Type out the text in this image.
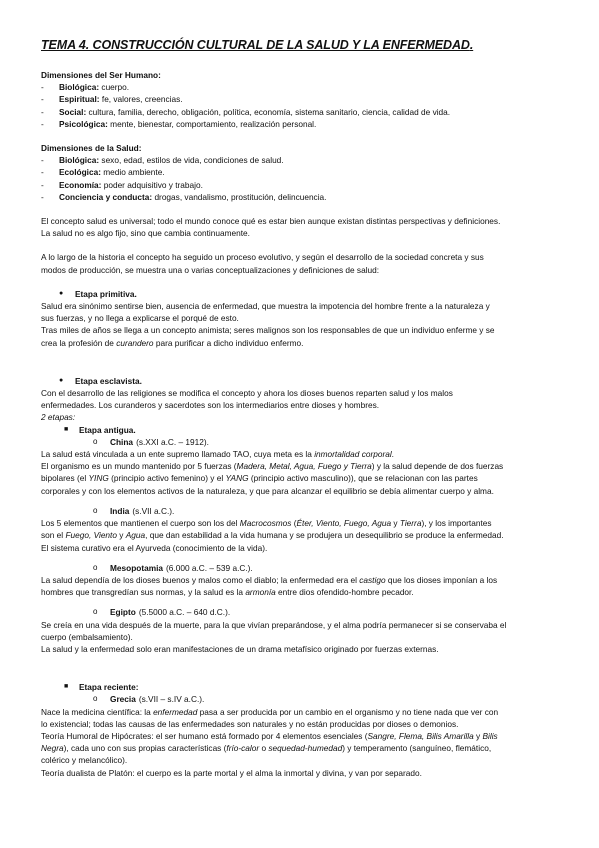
TEMA 4. CONSTRUCCIÓN CULTURAL DE LA SALUD Y LA ENFERMEDAD.

Dimensiones del Ser Humano:

-	Biológica: cuerpo.
-	Espiritual: fe, valores, creencias.
-	Social: cultura, familia, derecho, obligación, política, economía, sistema sanitario, ciencia, calidad de vida.
-	Psicológica: mente, bienestar, comportamiento, realización personal.

Dimensiones de la Salud:

-	Biológica: sexo, edad, estilos de vida, condiciones de salud.
-	Ecológica: medio ambiente.
-	Economía: poder adquisitivo y trabajo.
-	Conciencia y conducta: drogas, vandalismo, prostitución, delincuencia.

El concepto salud es universal; todo el mundo conoce qué es estar bien aunque existan distintas perspectivas y definiciones.

La salud no es algo fijo, sino que cambia continuamente.

A lo largo de la historia el concepto ha seguido un proceso evolutivo, y según el desarrollo de la sociedad concreta y sus

modos de producción, se muestra una o varias conceptualizaciones y definiciones de salud:

●	Etapa primitiva.

Salud era sinónimo sentirse bien, ausencia de enfermedad, que muestra la impotencia del hombre frente a la naturaleza y

sus fuerzas, y no llega a explicarse el porqué de esto.

Tras miles de años se llega a un concepto animista; seres malignos son los responsables de que un individuo enferme y se

crea la profesión de curandero para purificar a dicho individuo enfermo.

●	Etapa esclavista.

Con el desarrollo de las religiones se modifica el concepto y ahora los dioses buenos reparten salud y los malos

enfermedades. Los curanderos y sacerdotes son los intermediarios entre dioses y hombres.

2 etapas:

■	Etapa antigua.
o	China (s.XXI a.C. – 1912).

La salud está vinculada a un ente supremo llamado TAO, cuya meta es la inmortalidad corporal.

El organismo es un mundo mantenido por 5 fuerzas (Madera, Metal, Agua, Fuego y Tierra) y la salud depende de dos fuerzas

bipolares (el YING (principio activo femenino) y el YANG (principio activo masculino)), que se relacionan con las partes

corporales y con los elementos activos de la naturaleza, y que para alcanzar el equilibrio se debía alimentar cuerpo y alma.

o	India (s.VII a.C.).

Los 5 elementos que mantienen el cuerpo son los del Macrocosmos (Éter, Viento, Fuego, Agua y Tierra), y los importantes

son el Fuego, Viento y Agua, que dan estabilidad a la vida humana y se produjera un desequilibrio se produce la enfermedad.

El sistema curativo era el Ayurveda (conocimiento de la vida).

o	Mesopotamia (6.000 a.C. – 539 a.C.).

La salud dependía de los dioses buenos y malos como el diablo; la enfermedad era el castigo que los dioses imponían a los

hombres que transgredían sus normas, y la salud es la armonía entre dios ofendido-hombre pecador.

o	Egipto (5.5000 a.C. – 640 d.C.).

Se creía en una vida después de la muerte, para la que vivían preparándose, y el alma podría permanecer si se conservaba el

cuerpo (embalsamiento).

La salud y la enfermedad solo eran manifestaciones de un drama metafísico originado por fuerzas externas.

■	Etapa reciente:
o	Grecia (s.VII – s.IV a.C.).

Nace la medicina científica: la enfermedad pasa a ser producida por un cambio en el organismo y no tiene nada que ver con

lo existencial; todas las causas de las enfermedades son naturales y no están producidas por dioses o demonios.

Teoría Humoral de Hipócrates: el ser humano está formado por 4 elementos esenciales (Sangre, Flema, Bilis Amarilla y Bilis

Negra), cada uno con sus propias características (frío-calor o sequedad-humedad) y temperamento (sanguíneo, flemático,

colérico y melancólico).

Teoría dualista de Platón: el cuerpo es la parte mortal y el alma la inmortal y divina, y van por separado.
